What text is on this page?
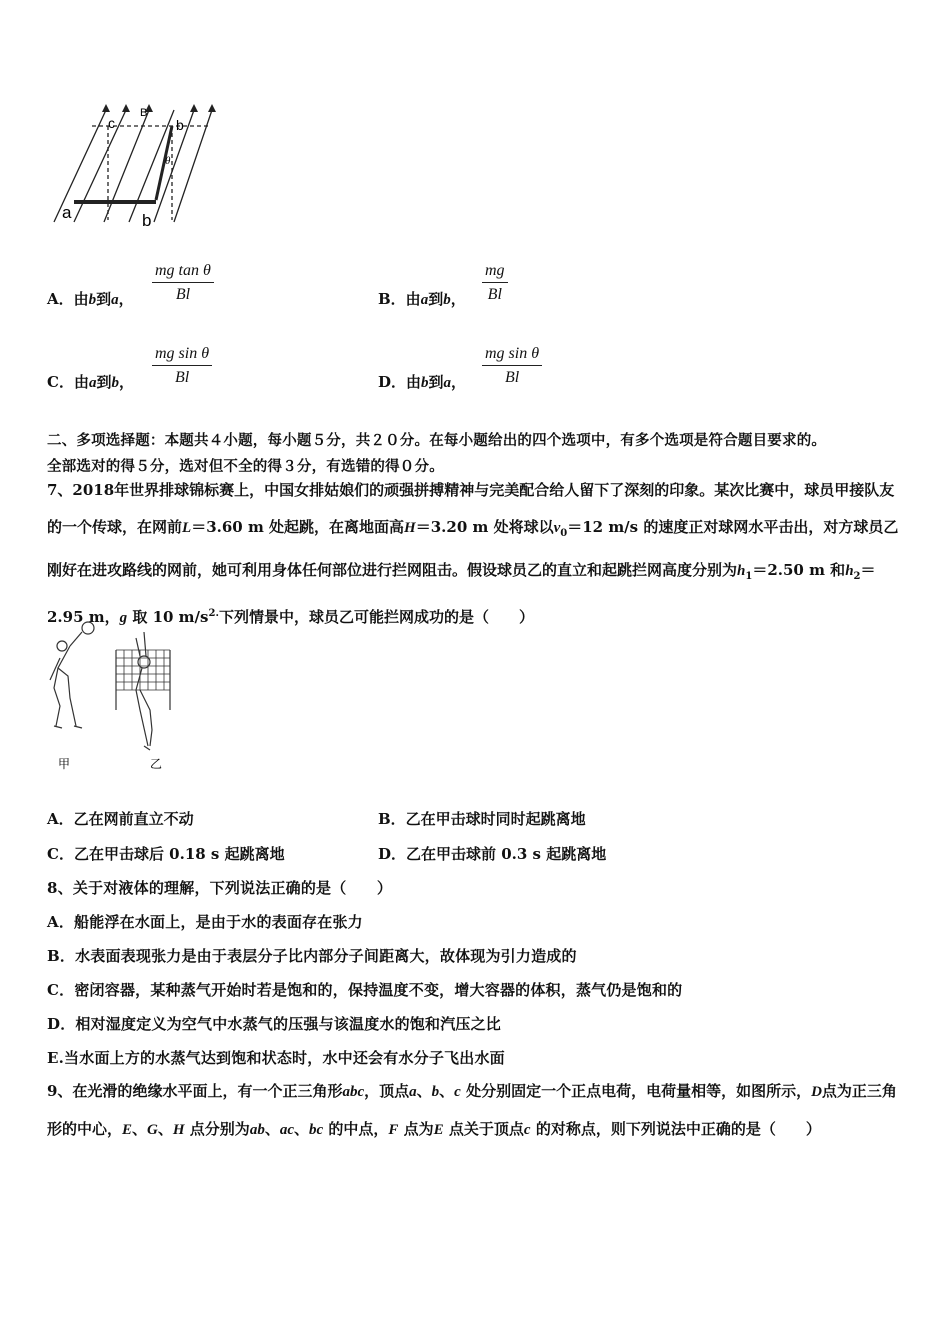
c
B
b
θ
a	b
A．由b到a， $\frac{\text{mg tan θ}}{Bl}$	B．由a到b， $\frac{mg}{Bl}$
C．由a到b， $\frac{\text{mg sin θ}}{Bl}$	D．由b到a， $\frac{\text{mg sin θ}}{Bl}$
二、多项选择题：本题共４小题，每小题５分，共２０分。在每小题给出的四个选项中，有多个选项是符合题目要求的。
全部选对的得５分，选对但不全的得３分，有选错的得０分。
7、2018年世界排球锦标赛上，中国女排姑娘们的顽强拼搏精神与完美配合给人留下了深刻的印象。某次比赛中，球员甲接队友的一个传球，在网前L＝3.60 m 处起跳，在离地面高H＝3.20 m 处将球以$v_0=12$ m/s 的速度正对球网水平击出，对方球员乙刚好在进攻路线的网前，她可利用身体任何部位进行拦网阻击。假设球员乙的直立和起跳拦网高度分别为$h_1=2.50$ m 和$h_2=2.95$ m，g 取 10 $m/s^{2.}$下列情景中，球员乙可能拦网成功的是（　　）
甲	乙
A．乙在网前直立不动	B．乙在甲击球时同时起跳离地
C．乙在甲击球后 0.18 s 起跳离地	D．乙在甲击球前 0.3 s 起跳离地
8、关于对液体的理解，下列说法正确的是（　　）
A．船能浮在水面上，是由于水的表面存在张力
B．水表面表现张力是由于表层分子比内部分子间距离大，故体现为引力造成的
C．密闭容器，某种蒸气开始时若是饱和的，保持温度不变，增大容器的体积，蒸气仍是饱和的
D．相对湿度定义为空气中水蒸气的压强与该温度水的饱和汽压之比
E.当水面上方的水蒸气达到饱和状态时，水中还会有水分子飞出水面
9、在光滑的绝缘水平面上，有一个正三角形abc，顶点a、b、c 处分别固定一个正点电荷，电荷量相等，如图所示，D点为正三角形的中心，E、G、H 点分别为ab、ac、bc 的中点，F 点为E 点关于顶点c 的对称点，则下列说法中正确的是（　　）
